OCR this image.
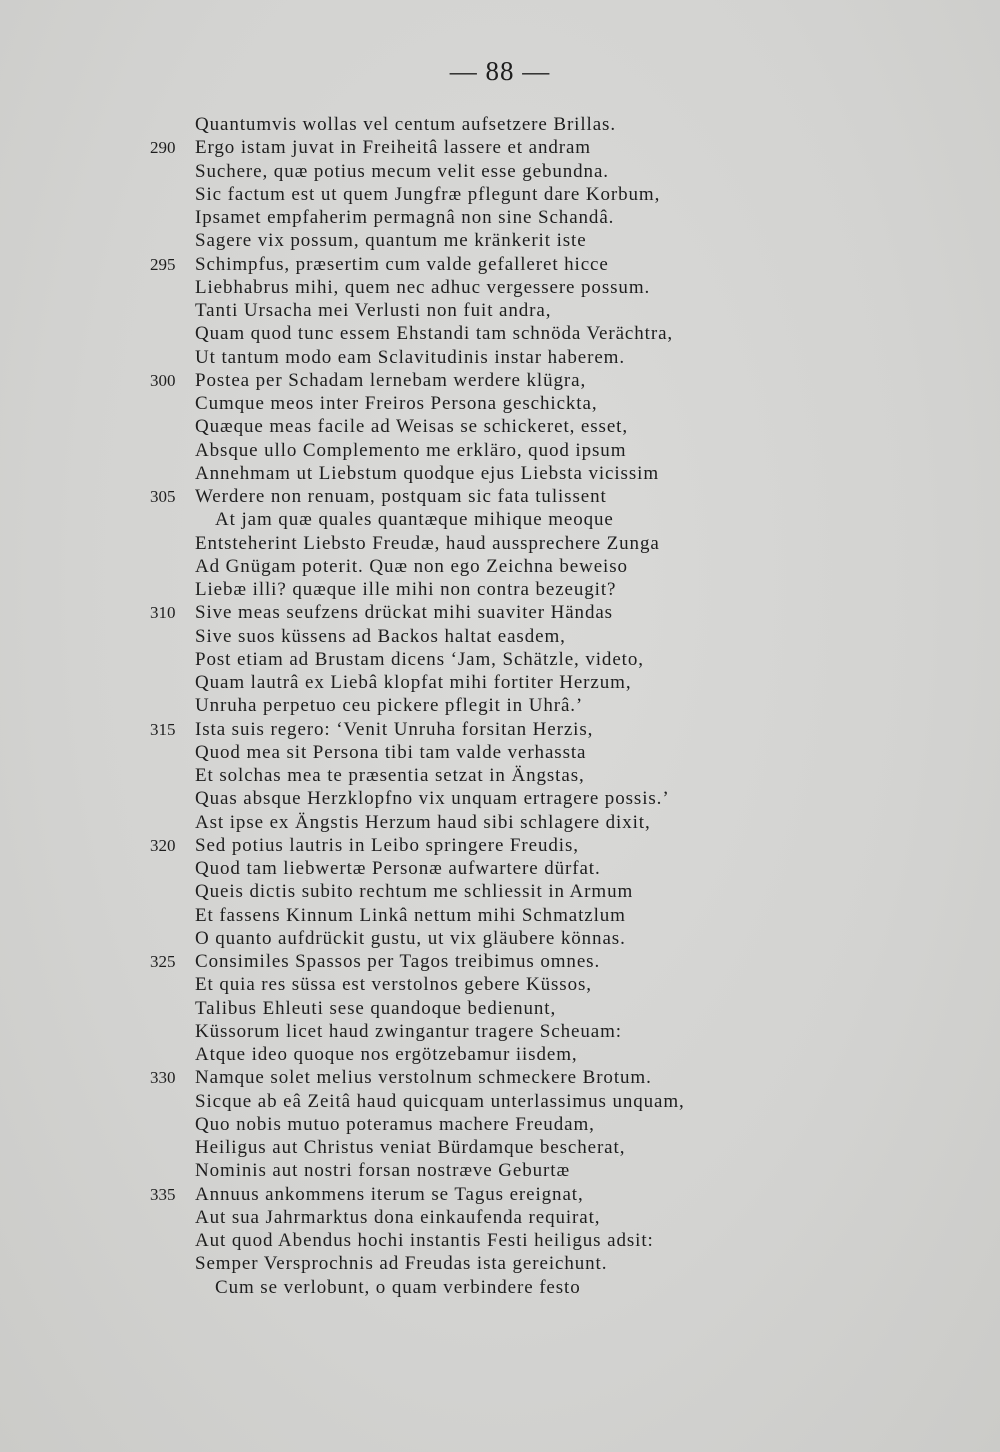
— 88 —
Quantumvis wollas vel centum aufsetzere Brillas.
290	Ergo istam juvat in Freiheitâ lassere et andram
Suchere, quæ potius mecum velit esse gebundna.
Sic factum est ut quem Jungfræ pflegunt dare Korbum,
Ipsamet empfaherim permagnâ non sine Schandâ.
Sagere vix possum, quantum me kränkerit iste
295	Schimpfus, præsertim cum valde gefalleret hicce
Liebhabrus mihi, quem nec adhuc vergessere possum.
Tanti Ursacha mei Verlusti non fuit andra,
Quam quod tunc essem Ehstandi tam schnöda Verächtra,
Ut tantum modo eam Sclavitudinis instar haberem.
300	Postea per Schadam lernebam werdere klügra,
Cumque meos inter Freiros Persona geschickta,
Quæque meas facile ad Weisas se schickeret, esset,
Absque ullo Complemento me erkläro, quod ipsum
Annehmam ut Liebstum quodque ejus Liebsta vicissim
305	Werdere non renuam, postquam sic fata tulissent
At jam quæ quales quantæque mihique meoque
Entsteherint Liebsto Freudæ, haud aussprechere Zunga
Ad Gnügam poterit. Quæ non ego Zeichna beweiso
Liebæ illi? quæque ille mihi non contra bezeugit?
310	Sive meas seufzens drückat mihi suaviter Händas
Sive suos küssens ad Backos haltat easdem,
Post etiam ad Brustam dicens ‘Jam, Schätzle, videto,
Quam lautrâ ex Liebâ klopfat mihi fortiter Herzum,
Unruha perpetuo ceu pickere pflegit in Uhrâ.’
315	Ista suis regero: ‘Venit Unruha forsitan Herzis,
Quod mea sit Persona tibi tam valde verhassta
Et solchas mea te præsentia setzat in Ängstas,
Quas absque Herzklopfno vix unquam ertragere possis.’
Ast ipse ex Ängstis Herzum haud sibi schlagere dixit,
320	Sed potius lautris in Leibo springere Freudis,
Quod tam liebwertæ Personæ aufwartere dürfat.
Queis dictis subito rechtum me schliessit in Armum
Et fassens Kinnum Linkâ nettum mihi Schmatzlum
O quanto aufdrückit gustu, ut vix gläubere könnas.
325	Consimiles Spassos per Tagos treibimus omnes.
Et quia res süssa est verstolnos gebere Küssos,
Talibus Ehleuti sese quandoque bedienunt,
Küssorum licet haud zwingantur tragere Scheuam:
Atque ideo quoque nos ergötzebamur iisdem,
330	Namque solet melius verstolnum schmeckere Brotum.
Sicque ab eâ Zeitâ haud quicquam unterlassimus unquam,
Quo nobis mutuo poteramus machere Freudam,
Heiligus aut Christus veniat Bürdamque bescherat,
Nominis aut nostri forsan nostræve Geburtæ
335	Annuus ankommens iterum se Tagus ereignat,
Aut sua Jahrmarktus dona einkaufenda requirat,
Aut quod Abendus hochi instantis Festi heiligus adsit:
Semper Versprochnis ad Freudas ista gereichunt.
Cum se verlobunt, o quam verbindere festo
